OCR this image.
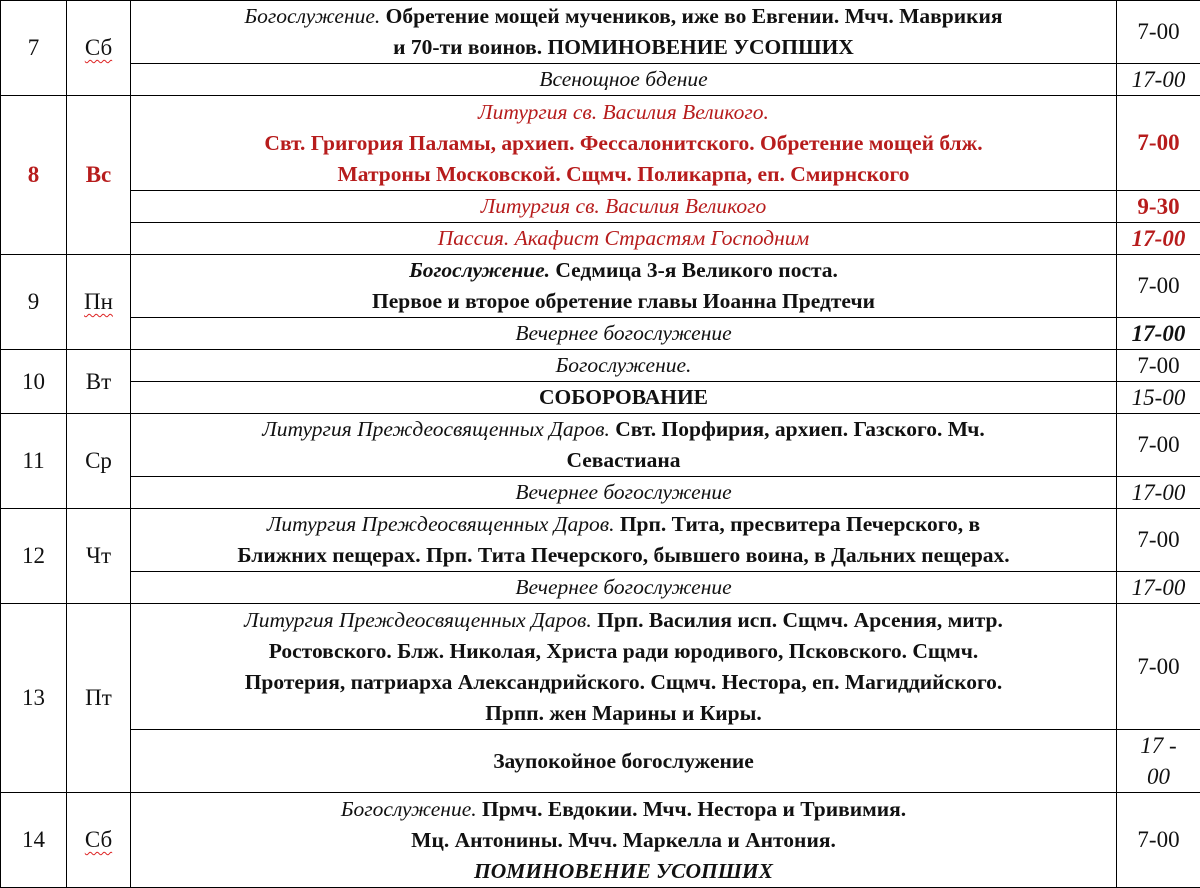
7	Сб	Богослужение. Обретение мощей мучеников, иже во Евгении. Мчч. Маврикия
и 70-ти воинов. ПОМИНОВЕНИЕ УСОПШИХ	7-00
		Всенощное бдение	17-00
8	Вс	Литургия св. Василия Великого.
Свт. Григория Паламы, архиеп. Фессалонитского. Обретение мощей блж.
Матроны Московской. Сщмч. Поликарпа, еп. Смирнского	7-00
		Литургия св. Василия Великого	9-30
		Пассия. Акафист Страстям Господним	17-00
9	Пн	Богослужение. Седмица 3-я Великого поста.
Первое и второе обретение главы Иоанна Предтечи	7-00
		Вечернее богослужение	17-00
10	Вт	Богослужение.	7-00
		СОБОРОВАНИЕ	15-00
11	Ср	Литургия Преждеосвященных Даров. Свт. Порфирия, архиеп. Газского. Мч.
Севастиана	7-00
		Вечернее богослужение	17-00
12	Чт	Литургия Преждеосвященных Даров. Прп. Тита, пресвитера Печерского, в
Ближних пещерах. Прп. Тита Печерского, бывшего воина, в Дальних пещерах.	7-00
		Вечернее богослужение	17-00
13	Пт	Литургия Преждеосвященных Даров. Прп. Василия исп. Сщмч. Арсения, митр.
Ростовского. Блж. Николая, Христа ради юродивого, Псковского. Сщмч.
Протерия, патриарха Александрийского. Сщмч. Нестора, еп. Магиддийского.
Прпп. жен Марины и Киры.	7-00
		Заупокойное богослужение	17 -
00
14	Сб	Богослужение. Прмч. Евдокии. Мчч. Нестора и Тривимия.
Мц. Антонины. Мчч. Маркелла и Антония.
ПОМИНОВЕНИЕ УСОПШИХ	7-00
